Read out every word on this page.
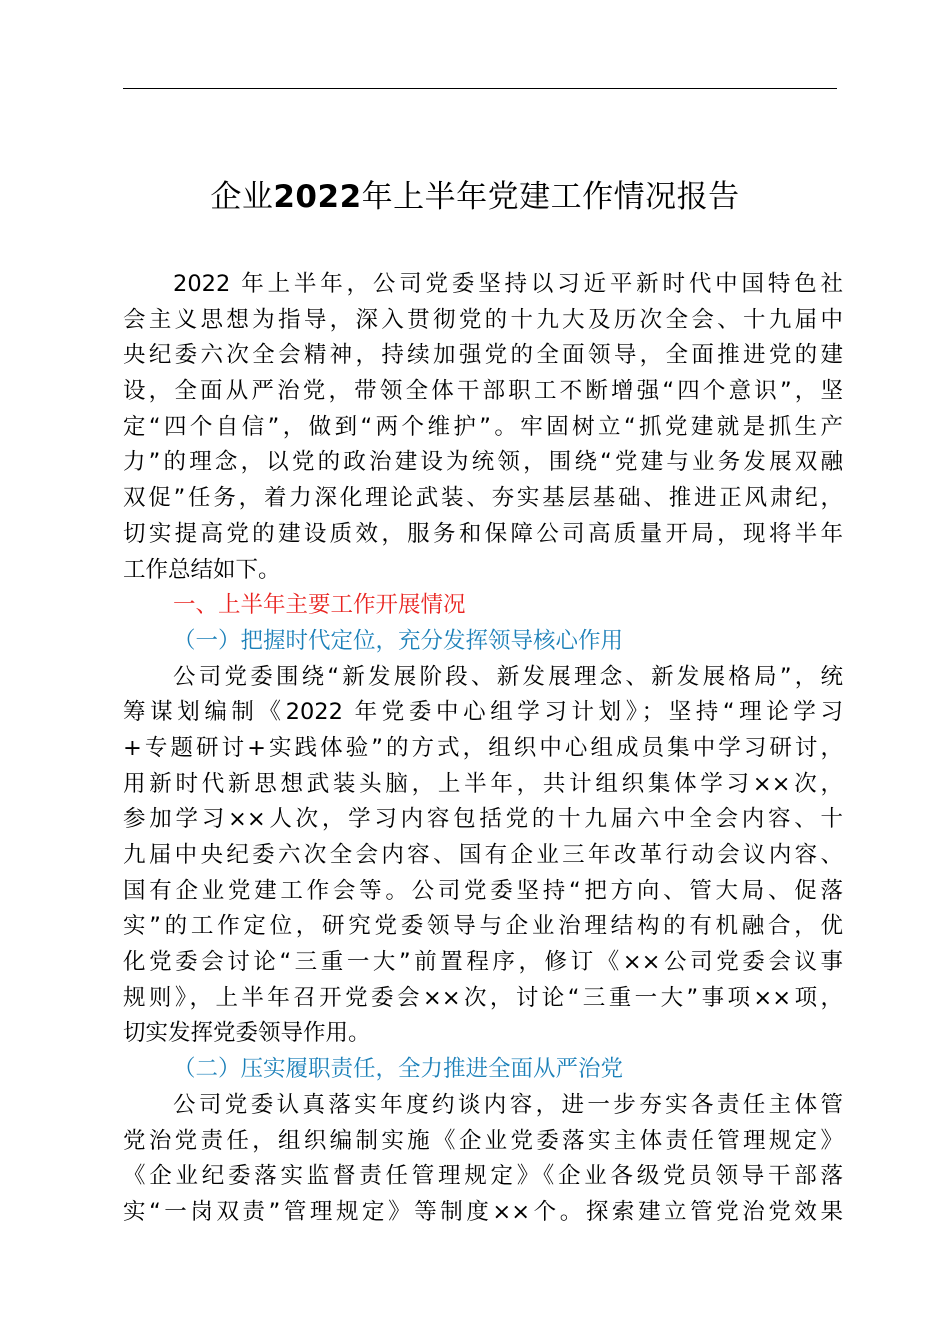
企业2022年上半年党建工作情况报告
2022 年上半年，公司党委坚持以习近平新时代中国特色社
会主义思想为指导，深入贯彻党的十九大及历次全会、十九届中
央纪委六次全会精神，持续加强党的全面领导，全面推进党的建
设，全面从严治党，带领全体干部职工不断增强“四个意识”，坚
定“四个自信”，做到“两个维护”。牢固树立“抓党建就是抓生产
力”的理念，以党的政治建设为统领，围绕“党建与业务发展双融
双促”任务，着力深化理论武装、夯实基层基础、推进正风肃纪，
切实提高党的建设质效，服务和保障公司高质量开局，现将半年
工作总结如下。
一、上半年主要工作开展情况
（一）把握时代定位，充分发挥领导核心作用
公司党委围绕“新发展阶段、新发展理念、新发展格局”，统
筹谋划编制《2022 年党委中心组学习计划》；坚持“理论学习
+专题研讨+实践体验”的方式，组织中心组成员集中学习研讨，
用新时代新思想武装头脑，上半年，共计组织集体学习××次，
参加学习××人次，学习内容包括党的十九届六中全会内容、十
九届中央纪委六次全会内容、国有企业三年改革行动会议内容、
国有企业党建工作会等。公司党委坚持“把方向、管大局、促落
实”的工作定位，研究党委领导与企业治理结构的有机融合，优
化党委会讨论“三重一大”前置程序，修订《××公司党委会议事
规则》，上半年召开党委会××次，讨论“三重一大”事项××项，
切实发挥党委领导作用。
（二）压实履职责任，全力推进全面从严治党
公司党委认真落实年度约谈内容，进一步夯实各责任主体管
党治党责任，组织编制实施《企业党委落实主体责任管理规定》
《企业纪委落实监督责任管理规定》《企业各级党员领导干部落
实“一岗双责”管理规定》等制度××个。探索建立管党治党效果
